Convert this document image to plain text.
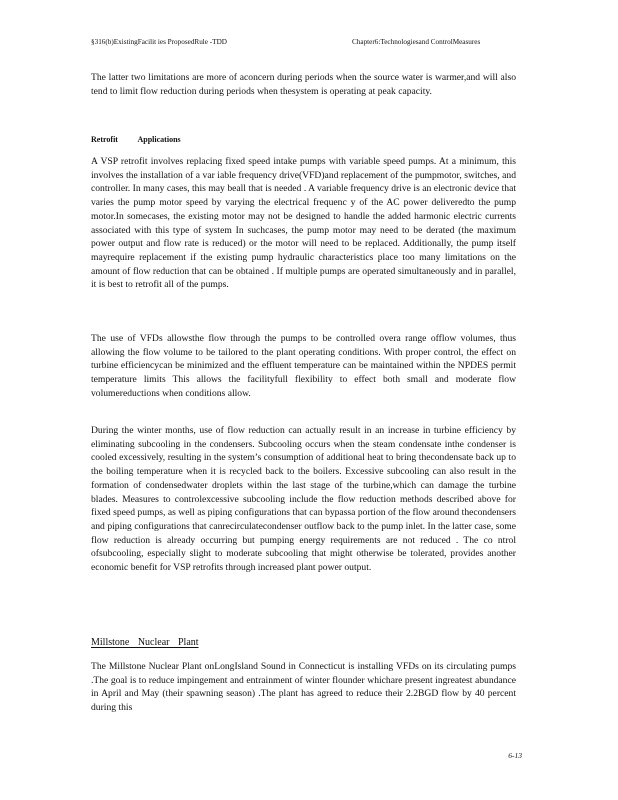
§316(b)ExistingFacilit ies ProposedRule -TDD	Chapter6:Technologiesand ControlMeasures

The latter two limitations are more of aconcern during periods when the source water is warmer,and will also tend to limit flow reduction during periods when thesystem is operating at peak capacity.

Retrofit Applications

A VSP retrofit involves replacing fixed speed intake pumps with variable speed pumps. At a minimum, this involves the installation of a var iable frequency drive(VFD)and replacement of the pumpmotor, switches, and controller. In many cases, this may beall that is needed . A variable frequency drive is an electronic device that varies the pump motor speed by varying the electrical frequenc y of the AC power deliveredto the pump motor.In somecases, the existing motor may not be designed to handle the added harmonic electric currents associated with this type of system In suchcases, the pump motor may need to be derated (the maximum power output and flow rate is reduced) or the motor will need to be replaced. Additionally, the pump itself mayrequire replacement if the existing pump hydraulic characteristics place too many limitations on the amount of flow reduction that can be obtained . If multiple pumps are operated simultaneously and in parallel, it is best to retrofit all of the pumps.

The use of VFDs allowsthe flow through the pumps to be controlled overa range offlow volumes, thus allowing the flow volume to be tailored to the plant operating conditions. With proper control, the effect on turbine efficiencycan be minimized and the effluent temperature can be maintained within the NPDES permit temperature limits This allows the facilityfull flexibility to effect both small and moderate flow volumereductions when conditions allow.

During the winter months, use of flow reduction can actually result in an increase in turbine efficiency by eliminating subcooling in the condensers. Subcooling occurs when the steam condensate inthe condenser is cooled excessively, resulting in the system’s consumption of additional heat to bring thecondensate back up to the boiling temperature when it is recycled back to the boilers. Excessive subcooling can also result in the formation of condensedwater droplets within the last stage of the turbine,which can damage the turbine blades. Measures to controlexcessive subcooling include the flow reduction methods described above for fixed speed pumps, as well as piping configurations that can bypassa portion of the flow around thecondensers and piping configurations that canrecirculatecondenser outflow back to the pump inlet. In the latter case, some flow reduction is already occurring but pumping energy requirements are not reduced . The co ntrol ofsubcooling, especially slight to moderate subcooling that might otherwise be tolerated, provides another economic benefit for VSP retrofits through increased plant power output.

Millstone Nuclear Plant

The Millstone Nuclear Plant onLongIsland Sound in Connecticut is installing VFDs on its circulating pumps .The goal is to reduce impingement and entrainment of winter flounder whichare present ingreatest abundance in April and May (their spawning season) .The plant has agreed to reduce their 2.2BGD flow by 40 percent during this

6-13
